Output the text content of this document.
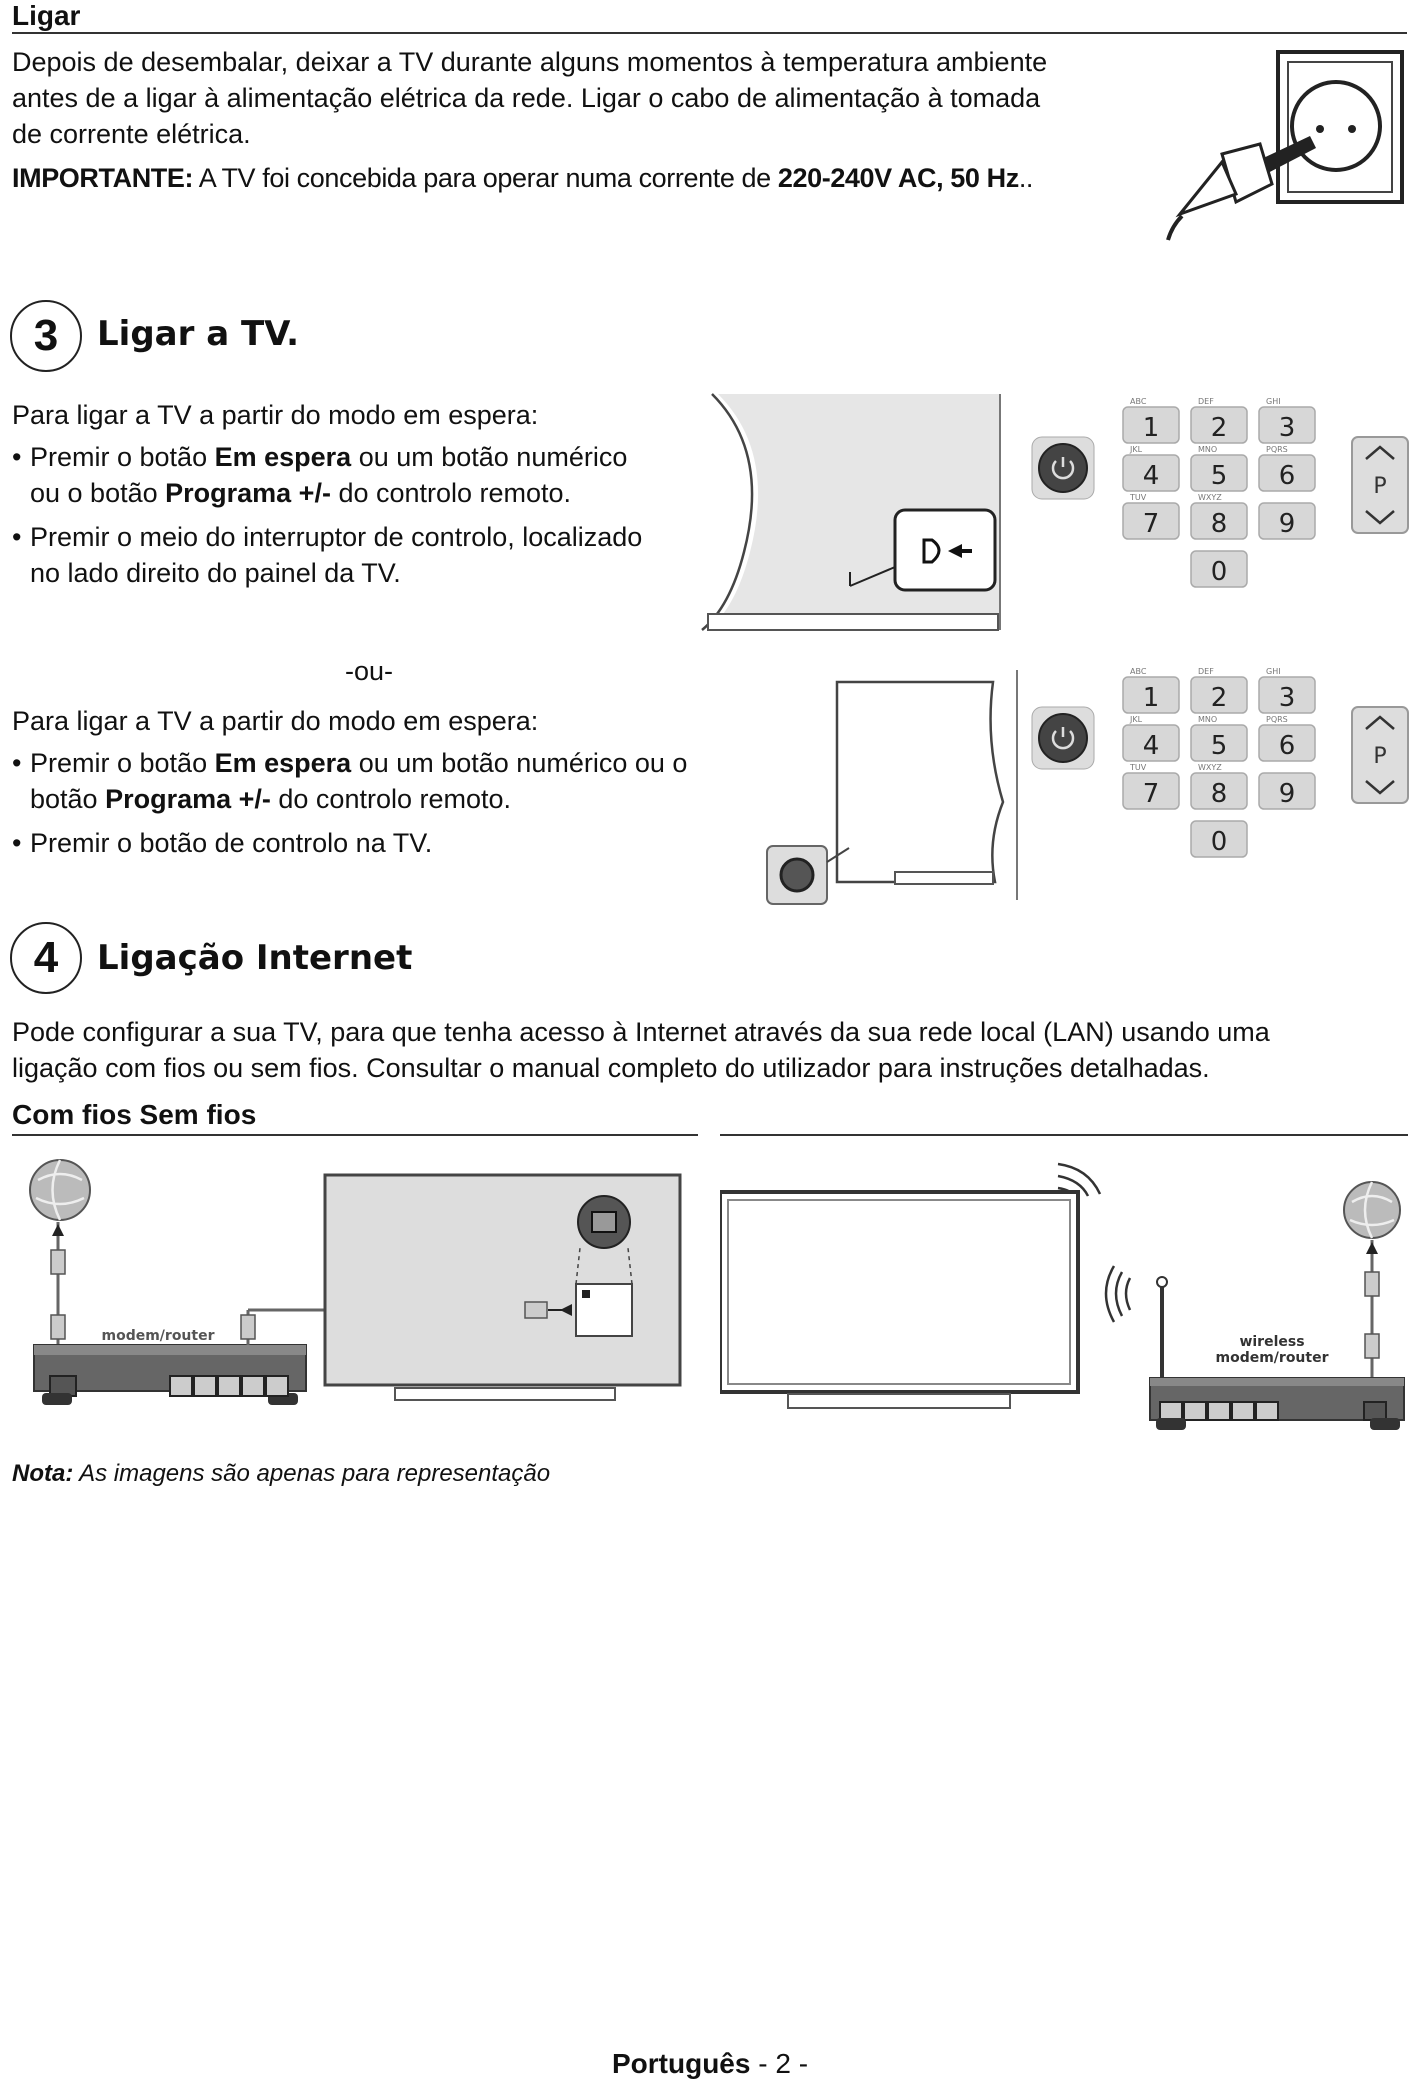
Ligar

Depois de desembalar, deixar a TV durante alguns momentos à temperatura ambiente

antes de a ligar à alimentação elétrica da rede. Ligar o cabo de alimentação à tomada

de corrente elétrica.

IMPORTANTE: A TV foi concebida para operar numa corrente de 220-240V AC, 50 Hz..

3	Ligar a TV.

Para ligar a TV a partir do modo em espera:

• Premir o botão Em espera ou um botão numérico
ou o botão Programa +/- do controlo remoto.
• Premir o meio do interruptor de controlo, localizado
no lado direito do painel da TV.
1 2 3
4 5 6
7 8 9
0
ABC	DEF	GHI
JKL	MNO	PQRS
TUV	WXYZ	P
-ou-

Para ligar a TV a partir do modo em espera:

• Premir o botão Em espera ou um botão numérico ou o
botão Programa +/- do controlo remoto.
• Premir o botão de controlo na TV.
1 2 3
4 5 6
7 8 9
0
ABC	DEF	GHI
JKL	MNO	PQRS
TUV	WXYZ	P
4	Ligação Internet

Pode configurar a sua TV, para que tenha acesso à Internet através da sua rede local (LAN) usando uma

ligação com fios ou sem fios. Consultar o manual completo do utilizador para instruções detalhadas.

Com fios Sem fios
modem/router	wireless
modem/router
Nota: As imagens são apenas para representação
Português - 2 -
